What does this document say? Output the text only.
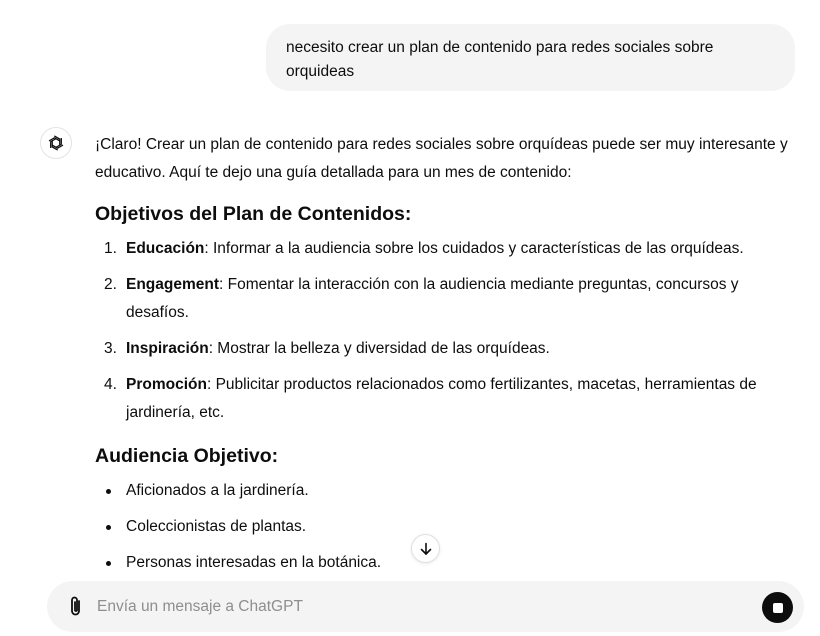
necesito crear un plan de contenido para redes sociales sobre orquideas

¡Claro! Crear un plan de contenido para redes sociales sobre orquídeas puede ser muy interesante y educativo. Aquí te dejo una guía detallada para un mes de contenido:

Objetivos del Plan de Contenidos:
1. Educación: Informar a la audiencia sobre los cuidados y características de las orquídeas.
2. Engagement: Fomentar la interacción con la audiencia mediante preguntas, concursos y desafíos.
3. Inspiración: Mostrar la belleza y diversidad de las orquídeas.
4. Promoción: Publicitar productos relacionados como fertilizantes, macetas, herramientas de jardinería, etc.
Audiencia Objetivo:
Aficionados a la jardinería.
Coleccionistas de plantas.
Personas interesadas en la botánica.
Envía un mensaje a ChatGPT
